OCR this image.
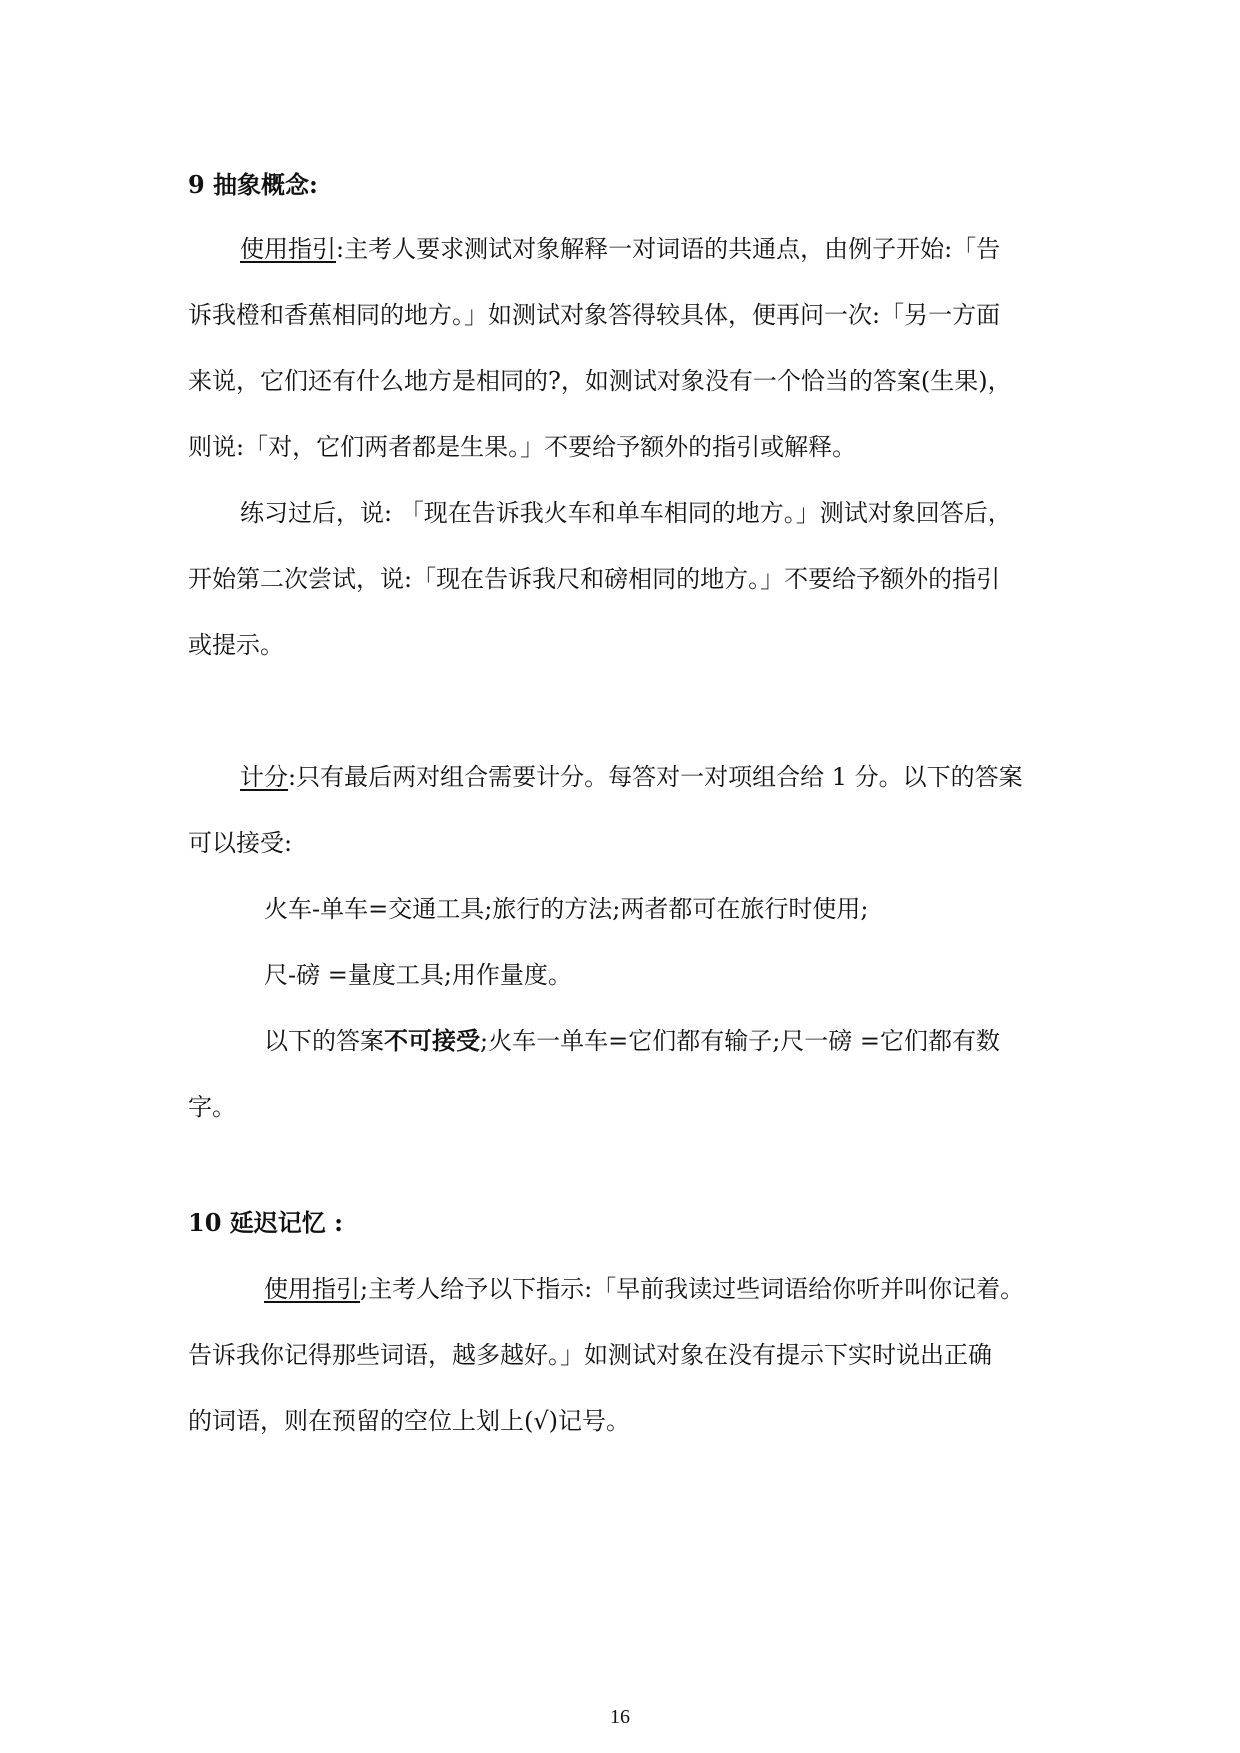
9 抽象概念:
使用指引:主考人要求测试对象解释一对词语的共通点，由例子开始:「告
诉我橙和香蕉相同的地方。」如测试对象答得较具体，便再问一次:「另一方面
来说，它们还有什么地方是相同的?，如测试对象没有一个恰当的答案(生果)，
则说:「对，它们两者都是生果。」不要给予额外的指引或解释。
练习过后，说: 「现在告诉我火车和单车相同的地方。」测试对象回答后，
开始第二次尝试，说:「现在告诉我尺和磅相同的地方。」不要给予额外的指引
或提示。
计分:只有最后两对组合需要计分。每答对一对项组合给 1 分。以下的答案
可以接受:
火车-单车=交通工具;旅行的方法;两者都可在旅行时使用;
尺-磅 =量度工具;用作量度。
以下的答案不可接受;火车一单车=它们都有输子;尺一磅 =它们都有数
字。
10 延迟记忆 :
使用指引;主考人给予以下指示:「早前我读过些词语给你听并叫你记着。
告诉我你记得那些词语，越多越好。」如测试对象在没有提示下实时说出正确
的词语，则在预留的空位上划上(√)记号。
16
